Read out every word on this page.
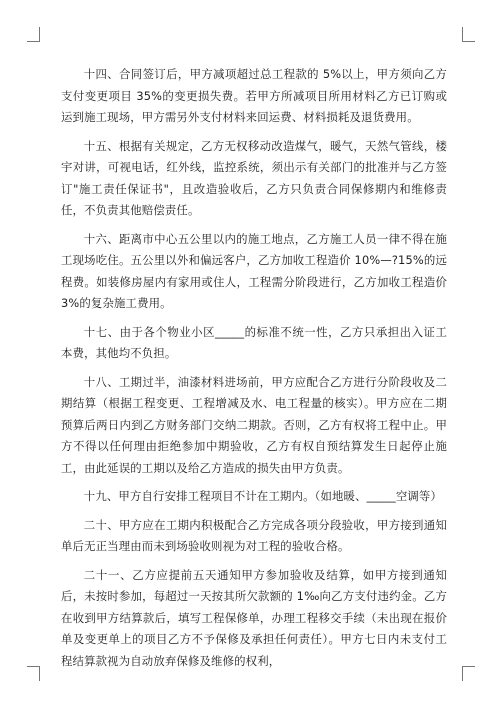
十四、合同签订后，甲方减项超过总工程款的 5%以上，甲方须向乙方支付变更项目 35%的变更损失费。若甲方所减项目所用材料乙方已订购或运到施工现场，甲方需另外支付材料来回运费、材料损耗及退货费用。

十五、根据有关规定，乙方无权移动改造煤气，暖气，天然气管线，楼宇对讲，可视电话，红外线，监控系统，须出示有关部门的批准并与乙方签订"施工责任保证书"，且改造验收后，乙方只负责合同保修期内和维修责任，不负责其他赔偿责任。

十六、距离市中心五公里以内的施工地点，乙方施工人员一律不得在施工现场吃住。五公里以外和偏远客户，乙方加收工程造价 10%—?15%的远程费。如装修房屋内有家用或住人，工程需分阶段进行，乙方加收工程造价 3%的复杂施工费用。

十七、由于各个物业小区_____的标准不统一性，乙方只承担出入证工本费，其他均不负担。

十八、工期过半，油漆材料进场前，甲方应配合乙方进行分阶段收及二期结算（根据工程变更、工程增减及水、电工程量的核实）。甲方应在二期预算后两日内到乙方财务部门交纳二期款。否则，乙方有权将工程中止。甲方不得以任何理由拒绝参加中期验收，乙方有权自预结算发生日起停止施工，由此延误的工期以及给乙方造成的损失由甲方负责。

十九、甲方自行安排工程项目不计在工期内。（如地暖、_____空调等）

二十、甲方应在工期内积极配合乙方完成各项分段验收，甲方接到通知单后无正当理由而未到场验收则视为对工程的验收合格。

二十一、乙方应提前五天通知甲方参加验收及结算，如甲方接到通知后，未按时参加，每超过一天按其所欠款额的 1‰向乙方支付违约金。乙方在收到甲方结算款后，填写工程保修单，办理工程移交手续（未出现在报价单及变更单上的项目乙方不予保修及承担任何责任）。甲方七日内未支付工程结算款视为自动放弃保修及维修的权利，
